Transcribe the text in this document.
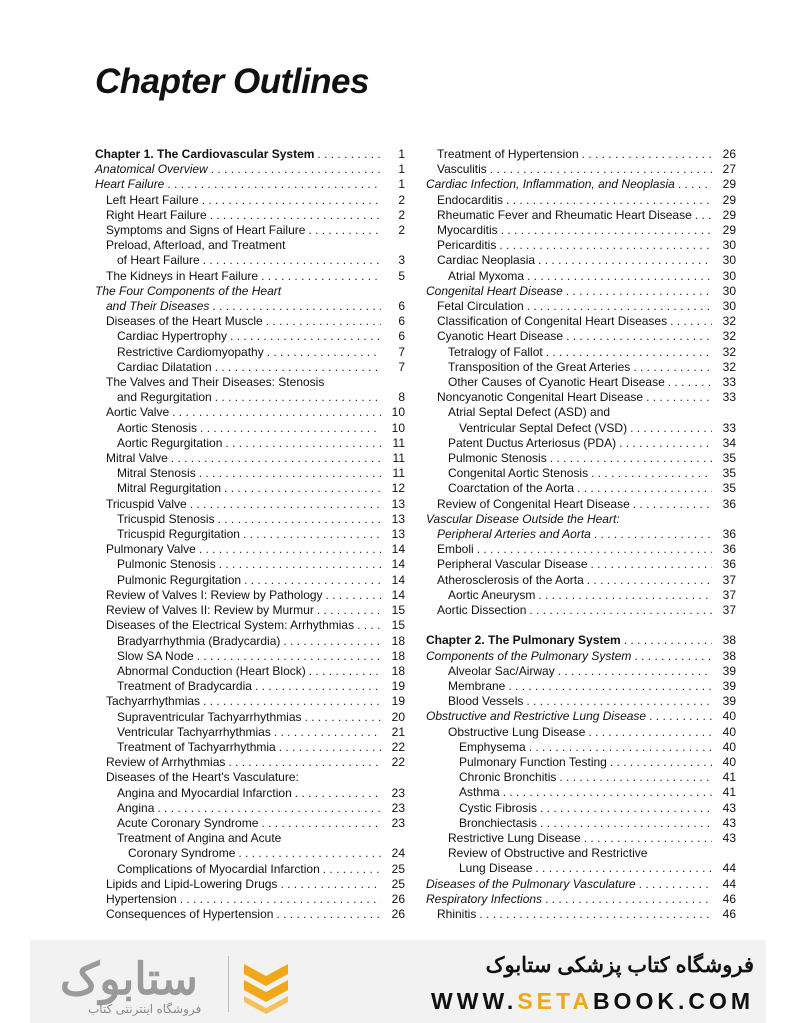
Chapter Outlines
Chapter 1. The Cardiovascular System . . .	1
Anatomical Overview . . .	1
Heart Failure . . .	1
Left Heart Failure . . .	2
Right Heart Failure . . .	2
Symptoms and Signs of Heart Failure . . .	2
Preload, Afterload, and Treatment
of Heart Failure . . .	3
The Kidneys in Heart Failure . . .	5
The Four Components of the Heart
and Their Diseases . . .	6
Diseases of the Heart Muscle . . .	6
Cardiac Hypertrophy . . .	6
Restrictive Cardiomyopathy . . .	7
Cardiac Dilatation . . .	7
The Valves and Their Diseases: Stenosis
and Regurgitation . . .	8
Aortic Valve . . .	10
Aortic Stenosis . . .	10
Aortic Regurgitation . . .	11
Mitral Valve . . .	11
Mitral Stenosis . . .	11
Mitral Regurgitation . . .	12
Tricuspid Valve . . .	13
Tricuspid Stenosis . . .	13
Tricuspid Regurgitation . . .	13
Pulmonary Valve . . .	14
Pulmonic Stenosis . . .	14
Pulmonic Regurgitation . . .	14
Review of Valves I: Review by Pathology . . .	14
Review of Valves II: Review by Murmur . . .	15
Diseases of the Electrical System: Arrhythmias . . .	15
Bradyarrhythmia (Bradycardia) . . .	18
Slow SA Node . . .	18
Abnormal Conduction (Heart Block) . . .	18
Treatment of Bradycardia . . .	19
Tachyarrhythmias . . .	19
Supraventricular Tachyarrhythmias . . .	20
Ventricular Tachyarrhythmias . . .	21
Treatment of Tachyarrhythmia . . .	22
Review of Arrhythmias . . .	22
Diseases of the Heart's Vasculature:
Angina and Myocardial Infarction . . .	23
Angina . . .	23
Acute Coronary Syndrome . . .	23
Treatment of Angina and Acute
Coronary Syndrome . . .	24
Complications of Myocardial Infarction . . .	25
Lipids and Lipid-Lowering Drugs . . .	25
Hypertension . . .	26
Consequences of Hypertension . . .	26
Treatment of Hypertension . . .	26
Vasculitis . . .	27
Cardiac Infection, Inflammation, and Neoplasia . . .	29
Endocarditis . . .	29
Rheumatic Fever and Rheumatic Heart Disease . . .	29
Myocarditis . . .	29
Pericarditis . . .	30
Cardiac Neoplasia . . .	30
Atrial Myxoma . . .	30
Congenital Heart Disease . . .	30
Fetal Circulation . . .	30
Classification of Congenital Heart Diseases . . .	32
Cyanotic Heart Disease . . .	32
Tetralogy of Fallot . . .	32
Transposition of the Great Arteries . . .	32
Other Causes of Cyanotic Heart Disease . . .	33
Noncyanotic Congenital Heart Disease . . .	33
Atrial Septal Defect (ASD) and
Ventricular Septal Defect (VSD) . . .	33
Patent Ductus Arteriosus (PDA) . . .	34
Pulmonic Stenosis . . .	35
Congenital Aortic Stenosis . . .	35
Coarctation of the Aorta . . .	35
Review of Congenital Heart Disease . . .	36
Vascular Disease Outside the Heart:
Peripheral Arteries and Aorta . . .	36
Emboli . . .	36
Peripheral Vascular Disease . . .	36
Atherosclerosis of the Aorta . . .	37
Aortic Aneurysm . . .	37
Aortic Dissection . . .	37
Chapter 2. The Pulmonary System . . .	38
Components of the Pulmonary System . . .	38
Alveolar Sac/Airway . . .	39
Membrane . . .	39
Blood Vessels . . .	39
Obstructive and Restrictive Lung Disease . . .	40
Obstructive Lung Disease . . .	40
Emphysema . . .	40
Pulmonary Function Testing . . .	40
Chronic Bronchitis . . .	41
Asthma . . .	41
Cystic Fibrosis . . .	43
Bronchiectasis . . .	43
Restrictive Lung Disease . . .	43
Review of Obstructive and Restrictive
Lung Disease . . .	44
Diseases of the Pulmonary Vasculature . . .	44
Respiratory Infections . . .	46
Rhinitis . . .	46
ستابوک
فروشگاه اینترنتی کتاب
فروشگاه کتاب پزشکی ستابوک
WWW.SETABOOK.COM
